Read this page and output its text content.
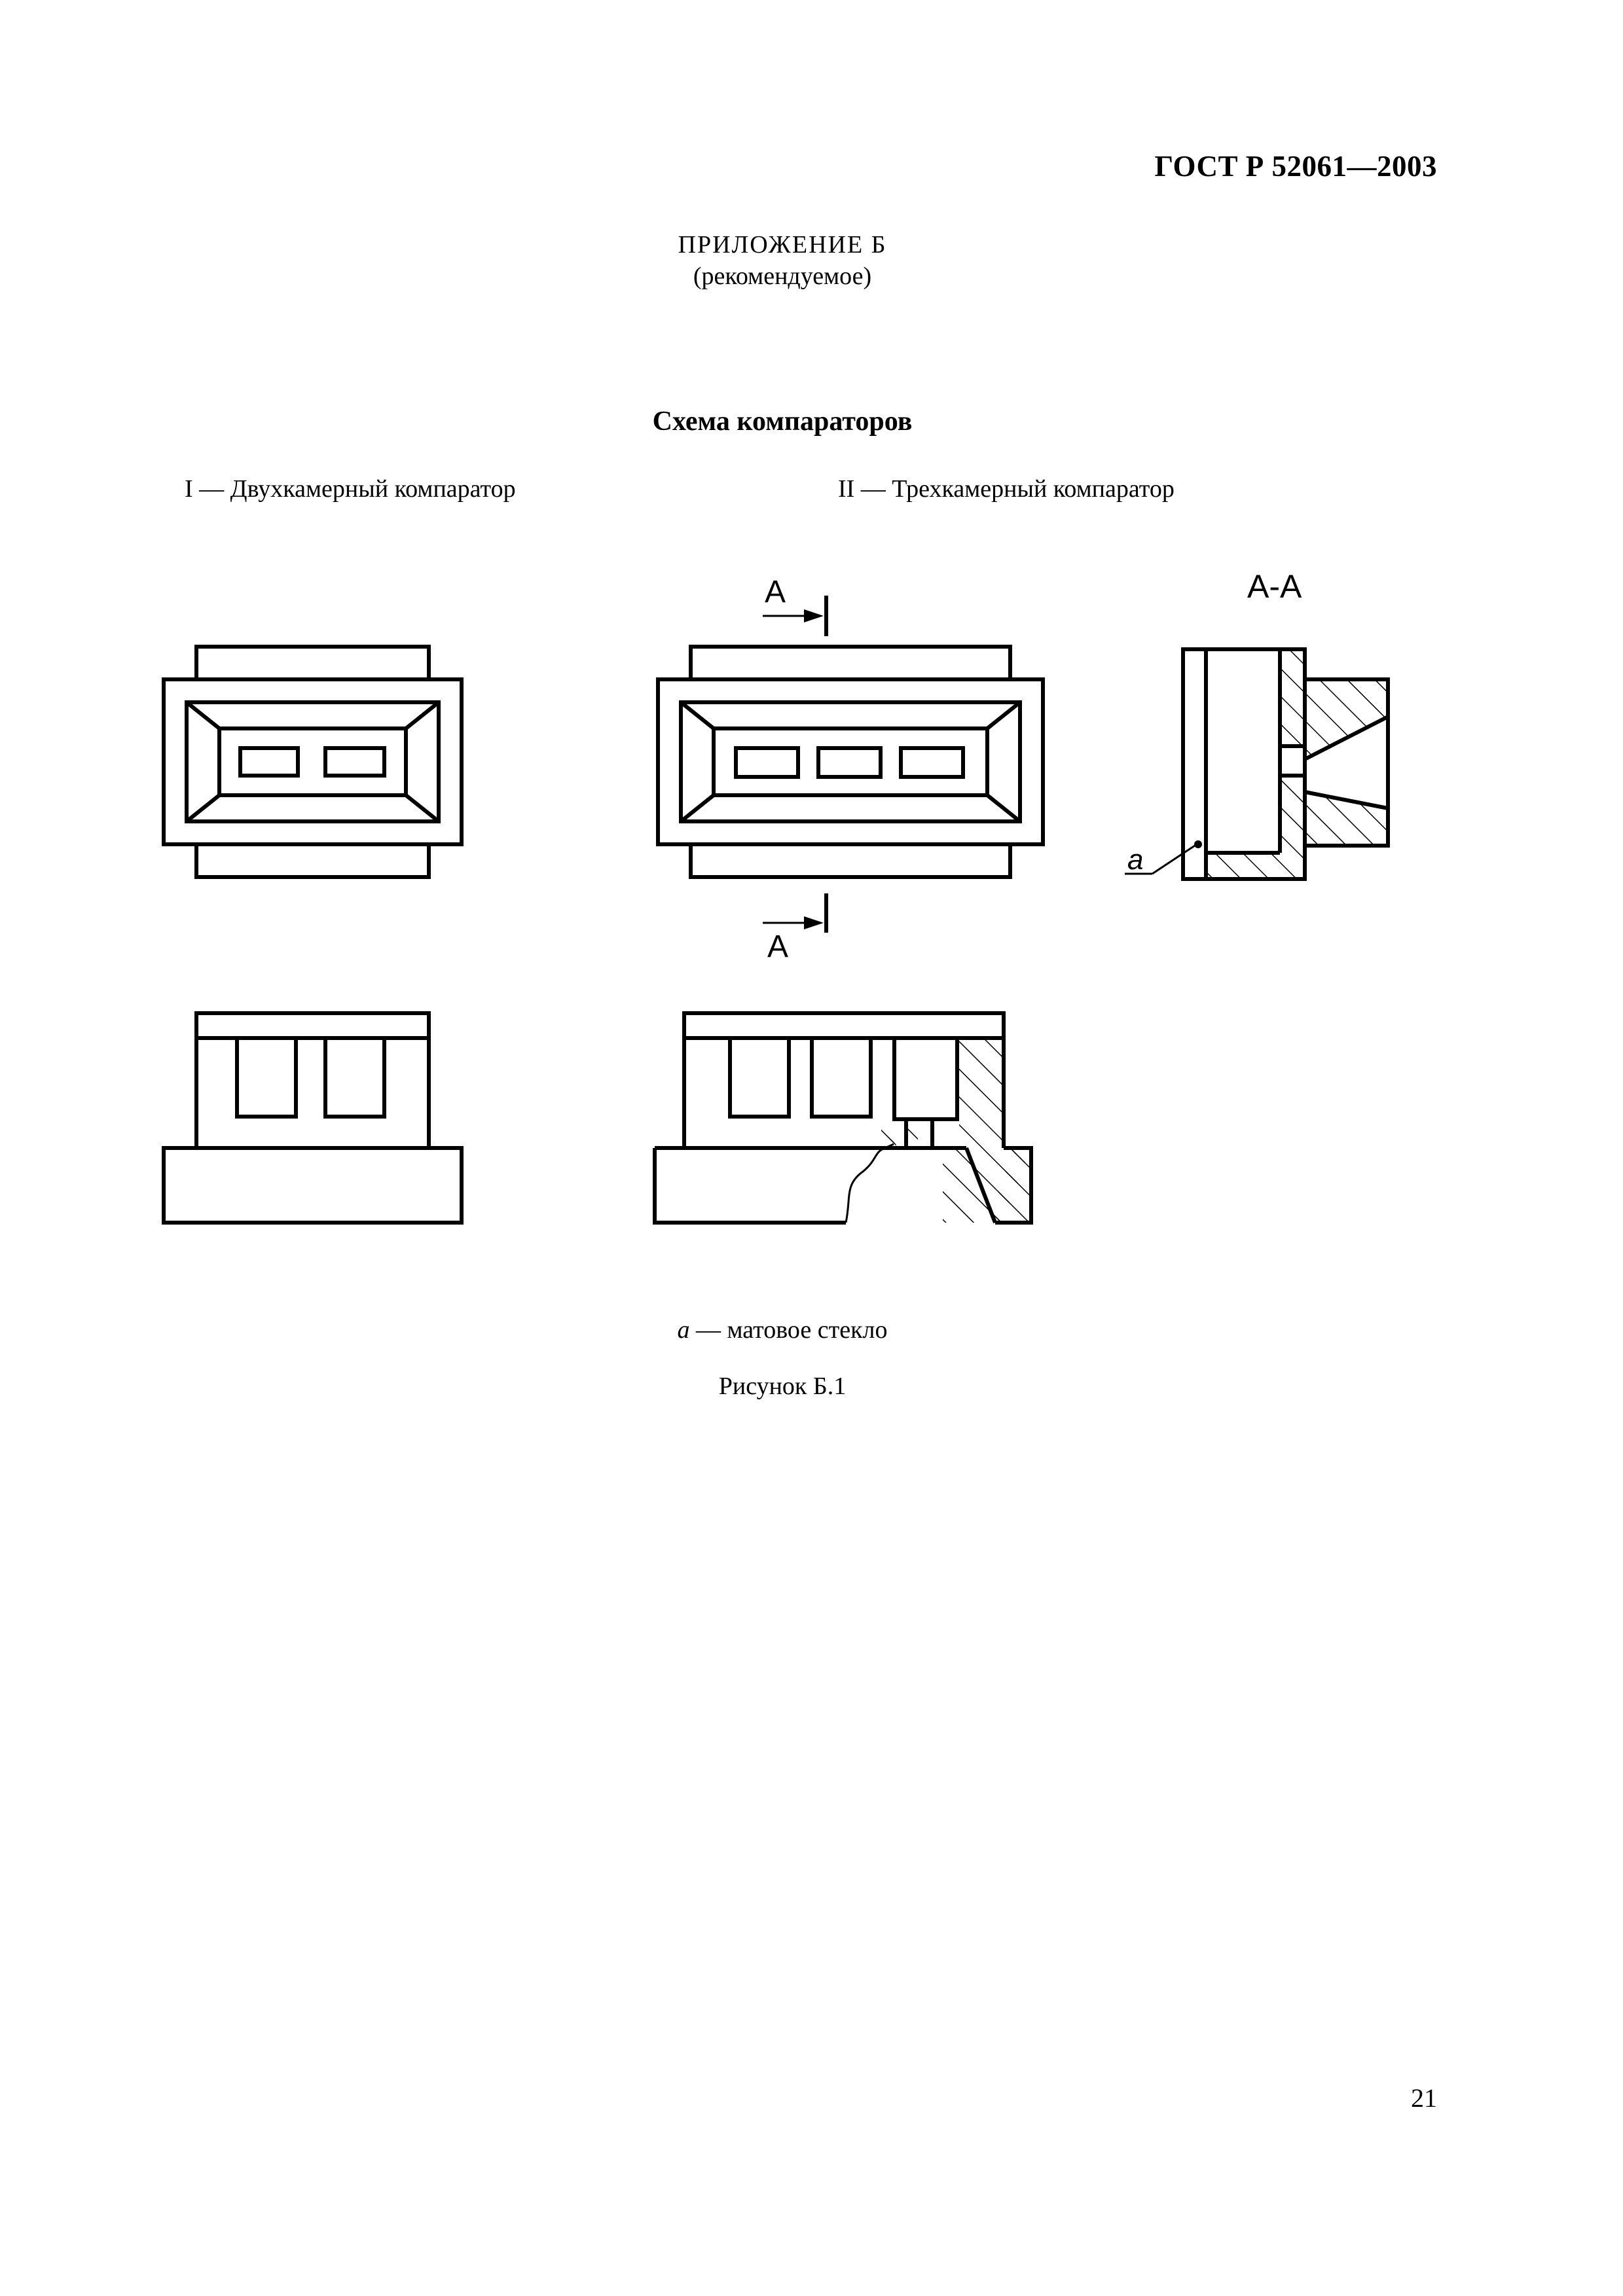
ГОСТ Р 52061—2003
ПРИЛОЖЕНИЕ Б
(рекомендуемое)
Схема компараторов
I — Двухкамерный компаратор	II — Трехкамерный компаратор
А
А
А-А
а
а — матовое стекло
Рисунок Б.1
21
